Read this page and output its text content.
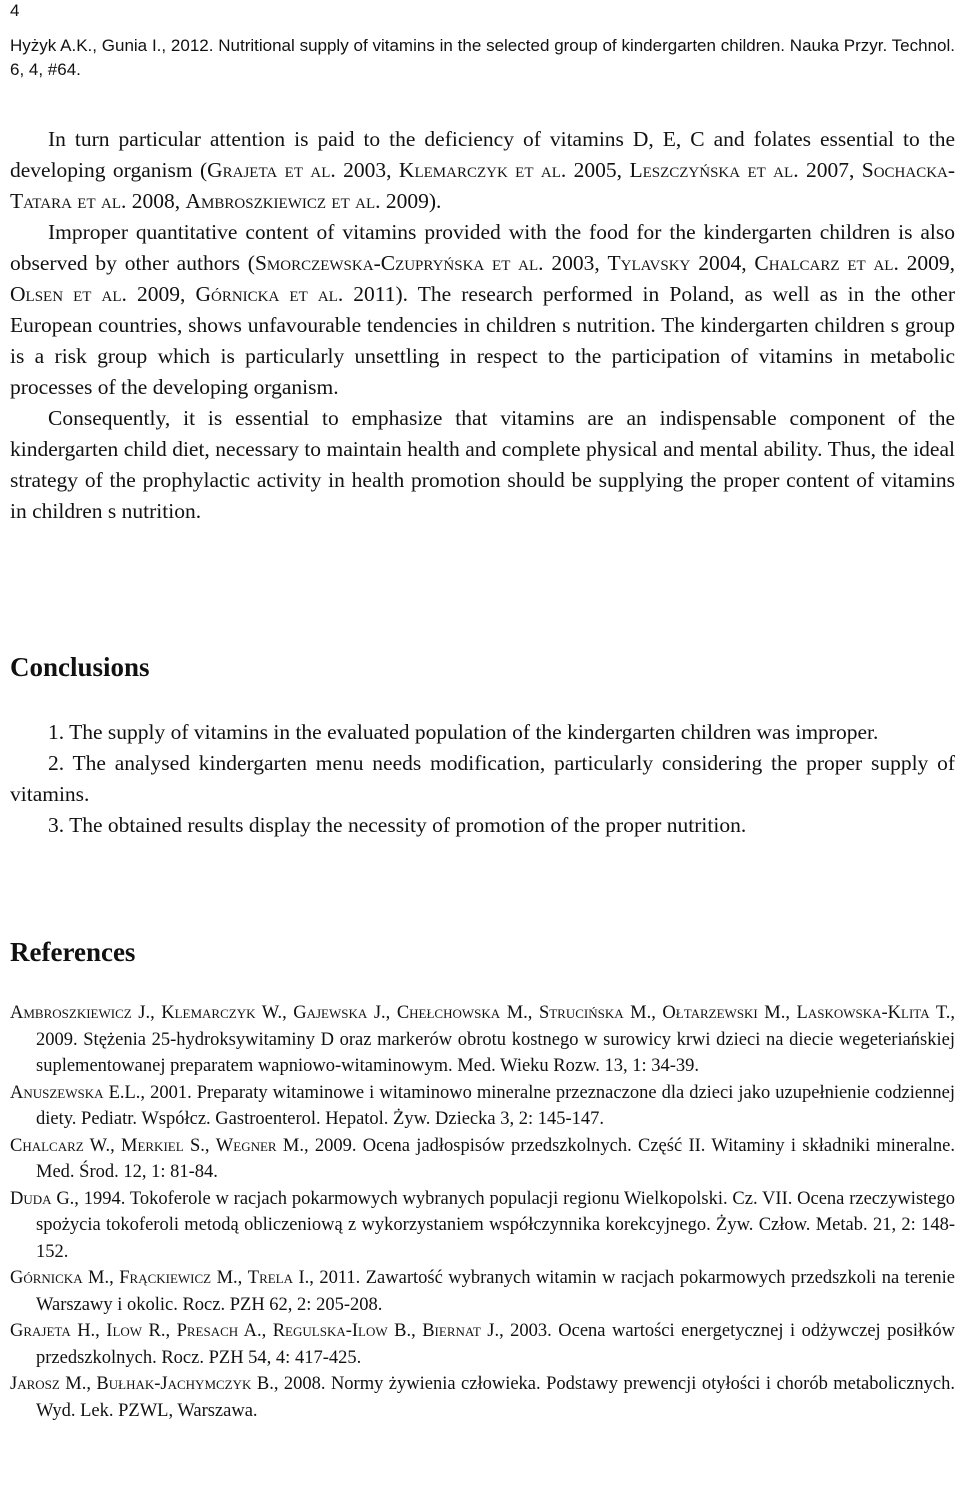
4
Hyżyk A.K., Gunia I., 2012. Nutritional supply of vitamins in the selected group of kindergarten children. Nauka Przyr. Technol. 6, 4, #64.

In turn particular attention is paid to the deficiency of vitamins D, E, C and folates essential to the developing organism (Grajeta et al. 2003, Klemarczyk et al. 2005, Leszczyńska et al. 2007, Sochacka-Tatara et al. 2008, Ambroszkiewicz et al. 2009).

Improper quantitative content of vitamins provided with the food for the kindergarten children is also observed by other authors (Smorczewska-Czupryńska et al. 2003, Tylavsky 2004, Chalcarz et al. 2009, Olsen et al. 2009, Górnicka et al. 2011). The research performed in Poland, as well as in the other European countries, shows unfavourable tendencies in children s nutrition. The kindergarten children s group is a risk group which is particularly unsettling in respect to the participation of vitamins in metabolic processes of the developing organism.

Consequently, it is essential to emphasize that vitamins are an indispensable component of the kindergarten child diet, necessary to maintain health and complete physical and mental ability. Thus, the ideal strategy of the prophylactic activity in health promotion should be supplying the proper content of vitamins in children s nutrition.

Conclusions

1. The supply of vitamins in the evaluated population of the kindergarten children was improper.

2. The analysed kindergarten menu needs modification, particularly considering the proper supply of vitamins.

3. The obtained results display the necessity of promotion of the proper nutrition.

References

Ambroszkiewicz J., Klemarczyk W., Gajewska J., Chełchowska M., Strucińska M., Ołtarzewski M., Laskowska-Klita T., 2009. Stężenia 25-hydroksywitaminy D oraz markerów obrotu kostnego w surowicy krwi dzieci na diecie wegeteriańskiej suplementowanej preparatem wapniowo-witaminowym. Med. Wieku Rozw. 13, 1: 34-39.

Anuszewska E.L., 2001. Preparaty witaminowe i witaminowo mineralne przeznaczone dla dzieci jako uzupełnienie codziennej diety. Pediatr. Współcz. Gastroenterol. Hepatol. Żyw. Dziecka 3, 2: 145-147.

Chalcarz W., Merkiel S., Wegner M., 2009. Ocena jadłospisów przedszkolnych. Część II. Witaminy i składniki mineralne. Med. Środ. 12, 1: 81-84.

Duda G., 1994. Tokoferole w racjach pokarmowych wybranych populacji regionu Wielkopolski. Cz. VII. Ocena rzeczywistego spożycia tokoferoli metodą obliczeniową z wykorzystaniem współczynnika korekcyjnego. Żyw. Człow. Metab. 21, 2: 148-152.

Górnicka M., Frąckiewicz M., Trela I., 2011. Zawartość wybranych witamin w racjach pokarmowych przedszkoli na terenie Warszawy i okolic. Rocz. PZH 62, 2: 205-208.

Grajeta H., Ilow R., Presach A., Regulska-Ilow B., Biernat J., 2003. Ocena wartości energetycznej i odżywczej posiłków przedszkolnych. Rocz. PZH 54, 4: 417-425.

Jarosz M., Bułhak-Jachymczyk B., 2008. Normy żywienia człowieka. Podstawy prewencji otyłości i chorób metabolicznych. Wyd. Lek. PZWL, Warszawa.
